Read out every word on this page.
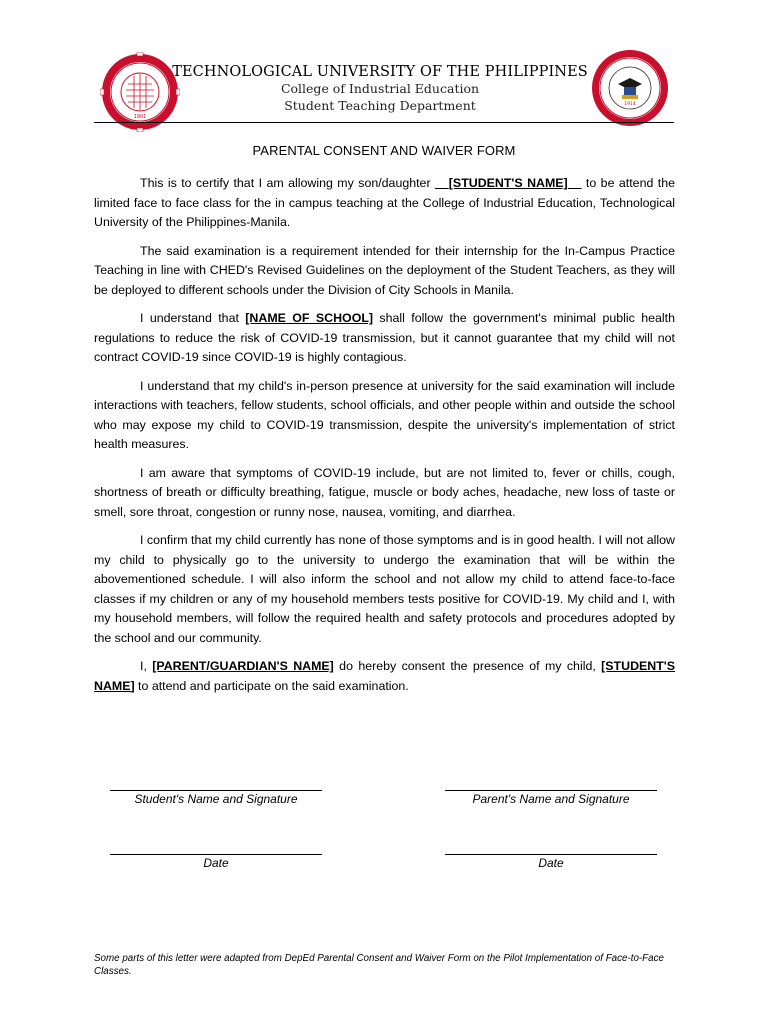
1901
TECHNOLOGICAL UNIVERSITY OF THE PHILIPPINES
College of Industrial Education
Student Teaching Department	1914
PARENTAL CONSENT AND WAIVER FORM

This is to certify that I am allowing my son/daughter __[STUDENT'S NAME]__ to be attend the limited face to face class for the in campus teaching at the College of Industrial Education, Technological University of the Philippines-Manila.

The said examination is a requirement intended for their internship for the In-Campus Practice Teaching in line with CHED's Revised Guidelines on the deployment of the Student Teachers, as they will be deployed to different schools under the Division of City Schools in Manila.

I understand that [NAME OF SCHOOL] shall follow the government's minimal public health regulations to reduce the risk of COVID-19 transmission, but it cannot guarantee that my child will not contract COVID-19 since COVID-19 is highly contagious.

I understand that my child's in-person presence at university for the said examination will include interactions with teachers, fellow students, school officials, and other people within and outside the school who may expose my child to COVID-19 transmission, despite the university's implementation of strict health measures.

I am aware that symptoms of COVID-19 include, but are not limited to, fever or chills, cough, shortness of breath or difficulty breathing, fatigue, muscle or body aches, headache, new loss of taste or smell, sore throat, congestion or runny nose, nausea, vomiting, and diarrhea.

I confirm that my child currently has none of those symptoms and is in good health. I will not allow my child to physically go to the university to undergo the examination that will be within the abovementioned schedule. I will also inform the school and not allow my child to attend face-to-face classes if my children or any of my household members tests positive for COVID-19. My child and I, with my household members, will follow the required health and safety protocols and procedures adopted by the school and our community.

I, [PARENT/GUARDIAN'S NAME] do hereby consent the presence of my child, [STUDENT'S NAME] to attend and participate on the said examination.

Student's Name and Signature	Parent's Name and Signature
Date	Date
Some parts of this letter were adapted from DepEd Parental Consent and Waiver Form on the Pilot Implementation of Face-to-Face Classes.
